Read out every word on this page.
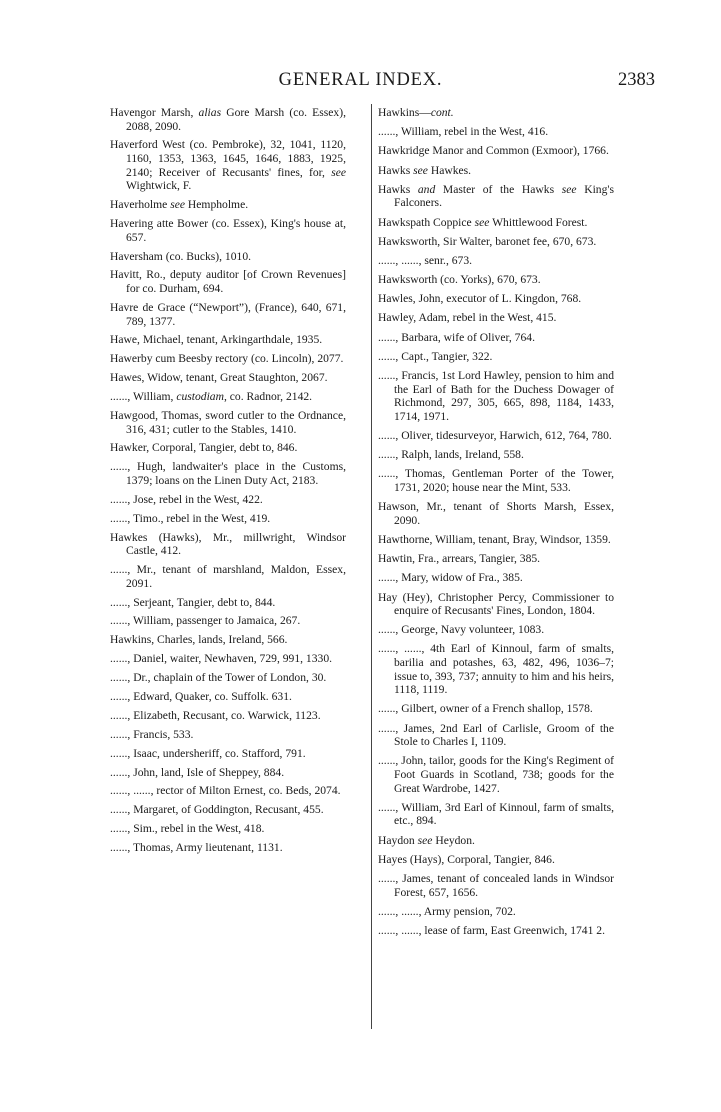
GENERAL INDEX.	2383

Havengor Marsh, alias Gore Marsh (co. Essex), 2088, 2090.

Haverford West (co. Pembroke), 32, 1041, 1120, 1160, 1353, 1363, 1645, 1646, 1883, 1925, 2140; Receiver of Recusants' fines, for, see Wightwick, F.

Haverholme see Hempholme.

Havering atte Bower (co. Essex), King's house at, 657.

Haversham (co. Bucks), 1010.

Havitt, Ro., deputy auditor [of Crown Revenues] for co. Durham, 694.

Havre de Grace (“Newport”), (France), 640, 671, 789, 1377.

Hawe, Michael, tenant, Arkingarthdale, 1935.

Hawerby cum Beesby rectory (co. Lincoln), 2077.

Hawes, Widow, tenant, Great Staughton, 2067.

......, William, custodiam, co. Radnor, 2142.

Hawgood, Thomas, sword cutler to the Ordnance, 316, 431; cutler to the Stables, 1410.

Hawker, Corporal, Tangier, debt to, 846.

......, Hugh, landwaiter's place in the Customs, 1379; loans on the Linen Duty Act, 2183.

......, Jose, rebel in the West, 422.

......, Timo., rebel in the West, 419.

Hawkes (Hawks), Mr., millwright, Windsor Castle, 412.

......, Mr., tenant of marshland, Maldon, Essex, 2091.

......, Serjeant, Tangier, debt to, 844.

......, William, passenger to Jamaica, 267.

Hawkins, Charles, lands, Ireland, 566.

......, Daniel, waiter, Newhaven, 729, 991, 1330.

......, Dr., chaplain of the Tower of London, 30.

......, Edward, Quaker, co. Suffolk. 631.

......, Elizabeth, Recusant, co. Warwick, 1123.

......, Francis, 533.

......, Isaac, undersheriff, co. Stafford, 791.

......, John, land, Isle of Sheppey, 884.

......, ......, rector of Milton Ernest, co. Beds, 2074.

......, Margaret, of Goddington, Recusant, 455.

......, Sim., rebel in the West, 418.

......, Thomas, Army lieutenant, 1131.

Hawkins—cont.

......, William, rebel in the West, 416.

Hawkridge Manor and Common (Exmoor), 1766.

Hawks see Hawkes.

Hawks and Master of the Hawks see King's Falconers.

Hawkspath Coppice see Whittlewood Forest.

Hawksworth, Sir Walter, baronet fee, 670, 673.

......, ......, senr., 673.

Hawksworth (co. Yorks), 670, 673.

Hawles, John, executor of L. Kingdon, 768.

Hawley, Adam, rebel in the West, 415.

......, Barbara, wife of Oliver, 764.

......, Capt., Tangier, 322.

......, Francis, 1st Lord Hawley, pension to him and the Earl of Bath for the Duchess Dowager of Richmond, 297, 305, 665, 898, 1184, 1433, 1714, 1971.

......, Oliver, tidesurveyor, Harwich, 612, 764, 780.

......, Ralph, lands, Ireland, 558.

......, Thomas, Gentleman Porter of the Tower, 1731, 2020; house near the Mint, 533.

Hawson, Mr., tenant of Shorts Marsh, Essex, 2090.

Hawthorne, William, tenant, Bray, Windsor, 1359.

Hawtin, Fra., arrears, Tangier, 385.

......, Mary, widow of Fra., 385.

Hay (Hey), Christopher Percy, Commissioner to enquire of Recusants' Fines, London, 1804.

......, George, Navy volunteer, 1083.

......, ......, 4th Earl of Kinnoul, farm of smalts, barilia and potashes, 63, 482, 496, 1036–7; issue to, 393, 737; annuity to him and his heirs, 1118, 1119.

......, Gilbert, owner of a French shallop, 1578.

......, James, 2nd Earl of Carlisle, Groom of the Stole to Charles I, 1109.

......, John, tailor, goods for the King's Regiment of Foot Guards in Scotland, 738; goods for the Great Wardrobe, 1427.

......, William, 3rd Earl of Kinnoul, farm of smalts, etc., 894.

Haydon see Heydon.

Hayes (Hays), Corporal, Tangier, 846.

......, James, tenant of concealed lands in Windsor Forest, 657, 1656.

......, ......, Army pension, 702.

......, ......, lease of farm, East Greenwich, 1741 2.
